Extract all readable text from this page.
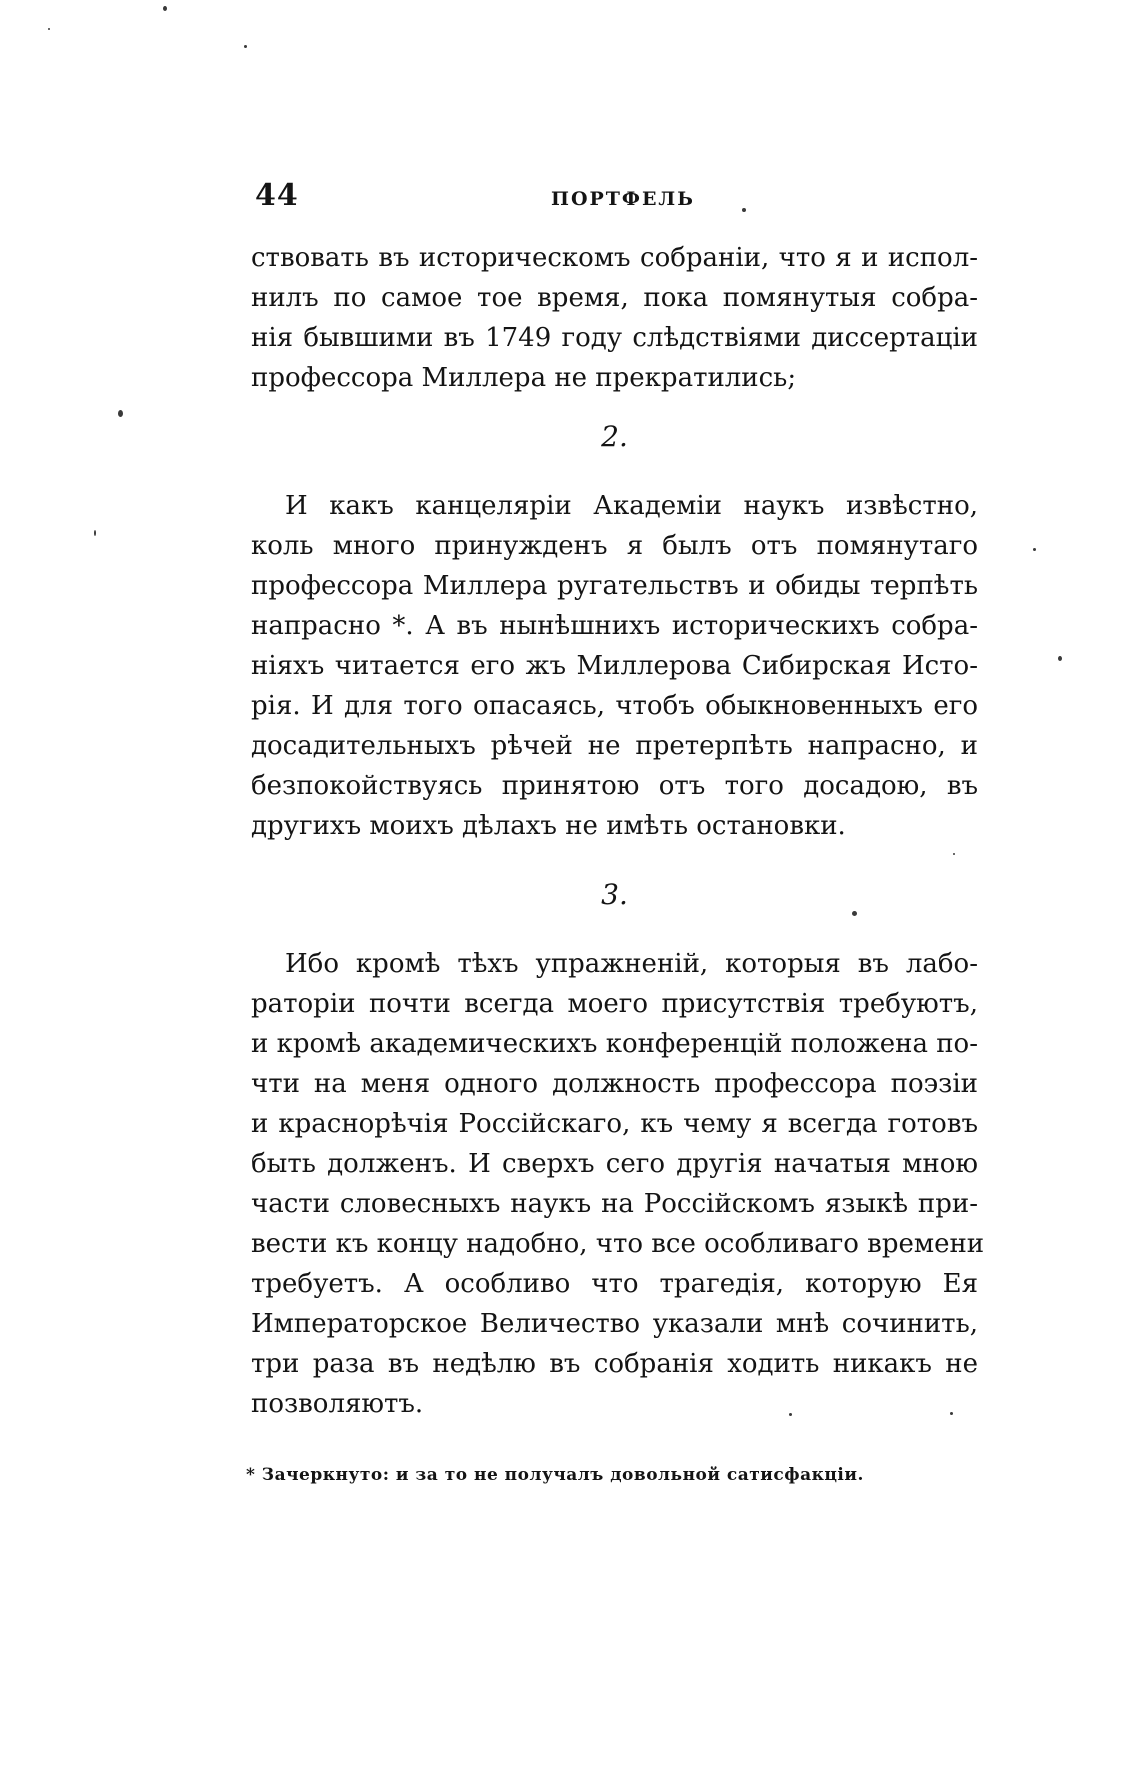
44	ПОРТФЕЛЬ
ствовать въ историческомъ собраніи, что я и испол-
нилъ по самое тое время, пока помянутыя собра-
нія бывшими въ 1749 году слѣдствіями диссертаціи
профессора Миллера не прекратились;
2.
И какъ канцеляріи Академіи наукъ извѣстно,
коль много принужденъ я былъ отъ помянутаго
профессора Миллера ругательствъ и обиды терпѣть
напрасно *. А въ нынѣшнихъ историческихъ собра-
ніяхъ читается его жъ Миллерова Сибирская Исто-
рія. И для того опасаясь, чтобъ обыкновенныхъ его
досадительныхъ рѣчей не претерпѣть напрасно, и
безпокойствуясь принятою отъ того досадою, въ
другихъ моихъ дѣлахъ не имѣть остановки.
3.
Ибо кромѣ тѣхъ упражненій, которыя въ лабо-
раторіи почти всегда моего присутствія требуютъ,
и кромѣ академическихъ конференцій положена по-
чти на меня одного должность профессора поэзіи
и краснорѣчія Россійскаго, къ чему я всегда готовъ
быть долженъ. И сверхъ сего другія начатыя мною
части словесныхъ наукъ на Россійскомъ языкѣ при-
вести къ концу надобно, что все особливаго времени
требуетъ. А особливо что трагедія, которую Ея
Императорское Величество указали мнѣ сочинить,
три раза въ недѣлю въ собранія ходить никакъ не
позволяютъ.
* Зачеркнуто: и за то не получалъ довольной сатисфакціи.
